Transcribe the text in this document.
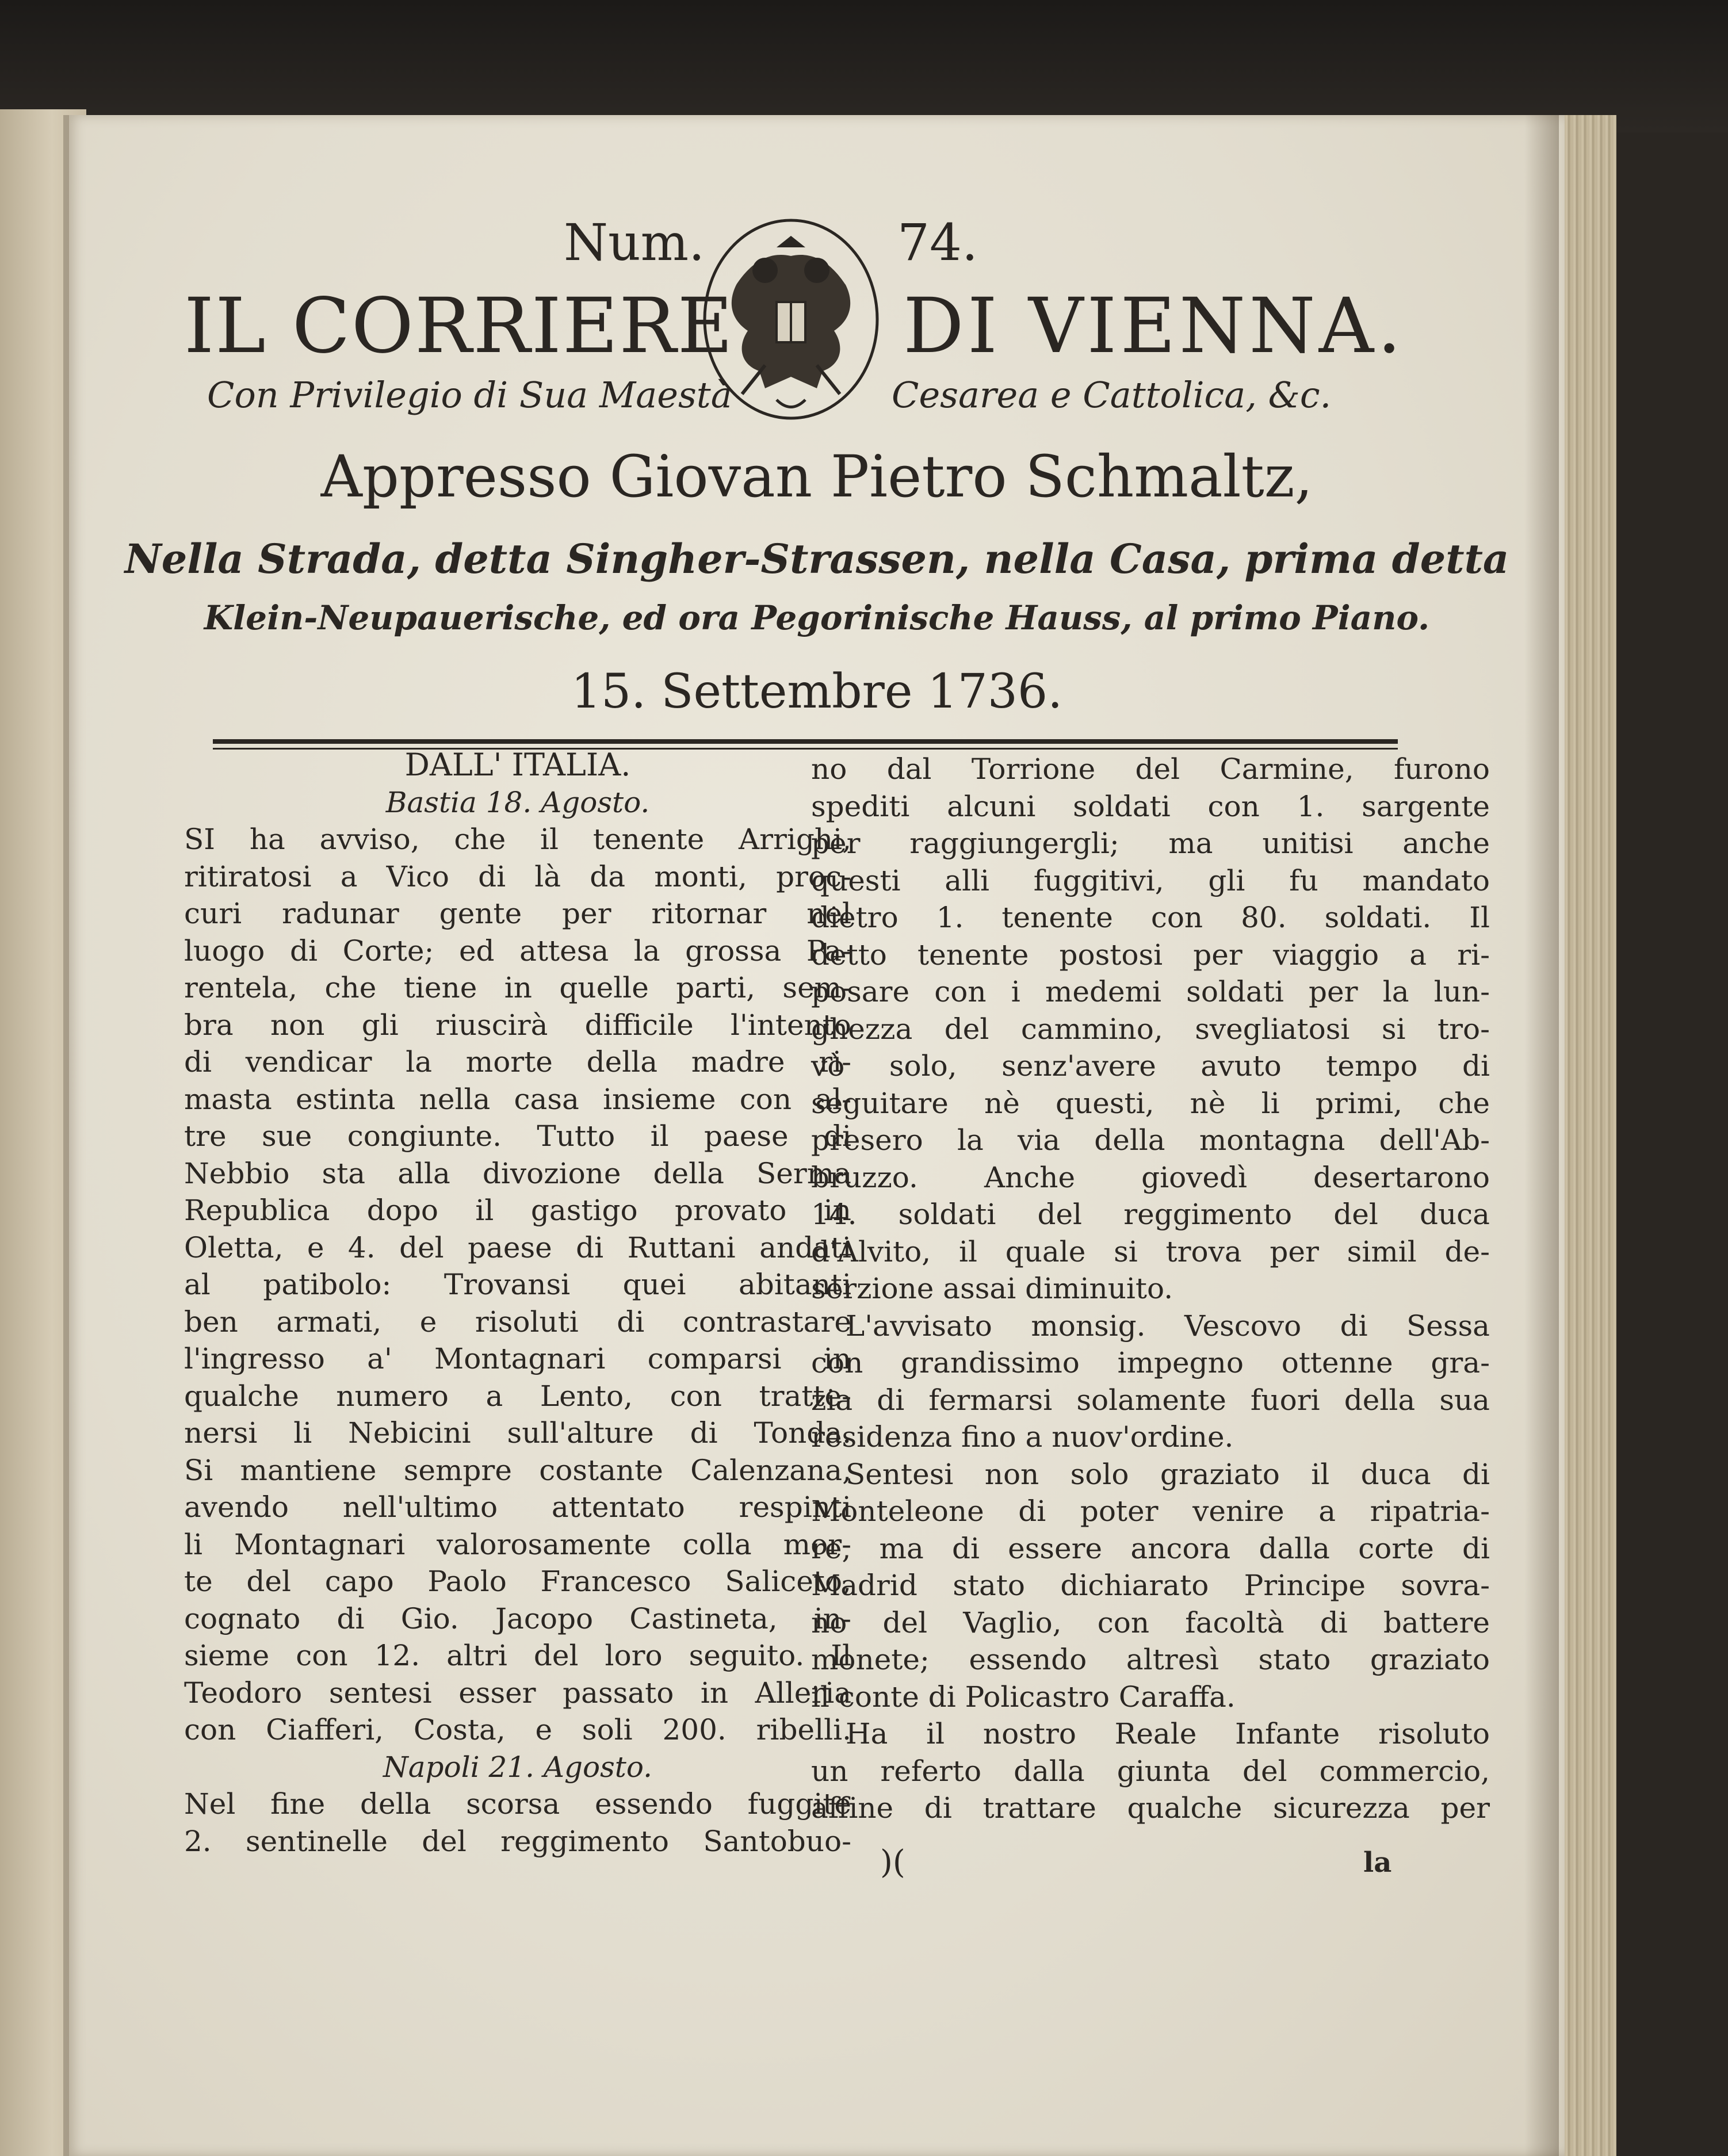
Num.	74.
IL CORRIERE DI VIENNA.
Con Privilegio di Sua Maestà	Cesarea e Cattolica, &c.
Appresso Giovan Pietro Schmaltz,
Nella Strada, detta Singher-Strassen, nella Casa, prima detta
Klein-Neupauerische, ed ora Pegorinische Hauss, al primo Piano.
15. Settembre 1736.
DALL' ITALIA.
Bastia 18. Agosto.
SI ha avviso, che il tenente Arrighi,
ritiratosi a Vico di là da monti, proc-
curi radunar gente per ritornar nel
luogo di Corte; ed attesa la grossa Pa-
rentela, che tiene in quelle parti, sem-
bra non gli riuscirà difficile l'intento
di vendicar la morte della madre ri-
masta estinta nella casa insieme con al-
tre sue congiunte. Tutto il paese di
Nebbio sta alla divozione della Serma
Republica dopo il gastigo provato in
Oletta, e 4. del paese di Ruttani andati
al patibolo: Trovansi quei abitanti
ben armati, e risoluti di contrastare
l'ingresso a' Montagnari comparsi in
qualche numero a Lento, con tratte-
nersi li Nebicini sull'alture di Tonda.
Si mantiene sempre costante Calenzana,
avendo nell'ultimo attentato respinti
li Montagnari valorosamente colla mor-
te del capo Paolo Francesco Saliceto,
cognato di Gio. Jacopo Castineta, in-
sieme con 12. altri del loro seguito. Il
Teodoro sentesi esser passato in Alleria
con Ciafferi, Costa, e soli 200. ribelli.
Napoli 21. Agosto.
Nel fine della scorsa essendo fuggite
2. sentinelle del reggimento Santobuo-
no dal Torrione del Carmine, furono
spediti alcuni soldati con 1. sargente
per raggiungergli; ma unitisi anche
questi alli fuggitivi, gli fu mandato
dietro 1. tenente con 80. soldati. Il
detto tenente postosi per viaggio a ri-
posare con i medemi soldati per la lun-
ghezza del cammino, svegliatosi si tro-
vò solo, senz'avere avuto tempo di
seguitare nè questi, nè li primi, che
presero la via della montagna dell'Ab-
bruzzo. Anche giovedì desertarono
14. soldati del reggimento del duca
d'Alvito, il quale si trova per simil de-
serzione assai diminuito.
L'avvisato monsig. Vescovo di Sessa
con grandissimo impegno ottenne gra-
zia di fermarsi solamente fuori della sua
residenza fino a nuov'ordine.
Sentesi non solo graziato il duca di
Monteleone di poter venire a ripatria-
re, ma di essere ancora dalla corte di
Madrid stato dichiarato Principe sovra-
no del Vaglio, con facoltà di battere
monete; essendo altresì stato graziato
il conte di Policastro Caraffa.
Ha il nostro Reale Infante risoluto
un referto dalla giunta del commercio,
affine di trattare qualche sicurezza per
)(	la
